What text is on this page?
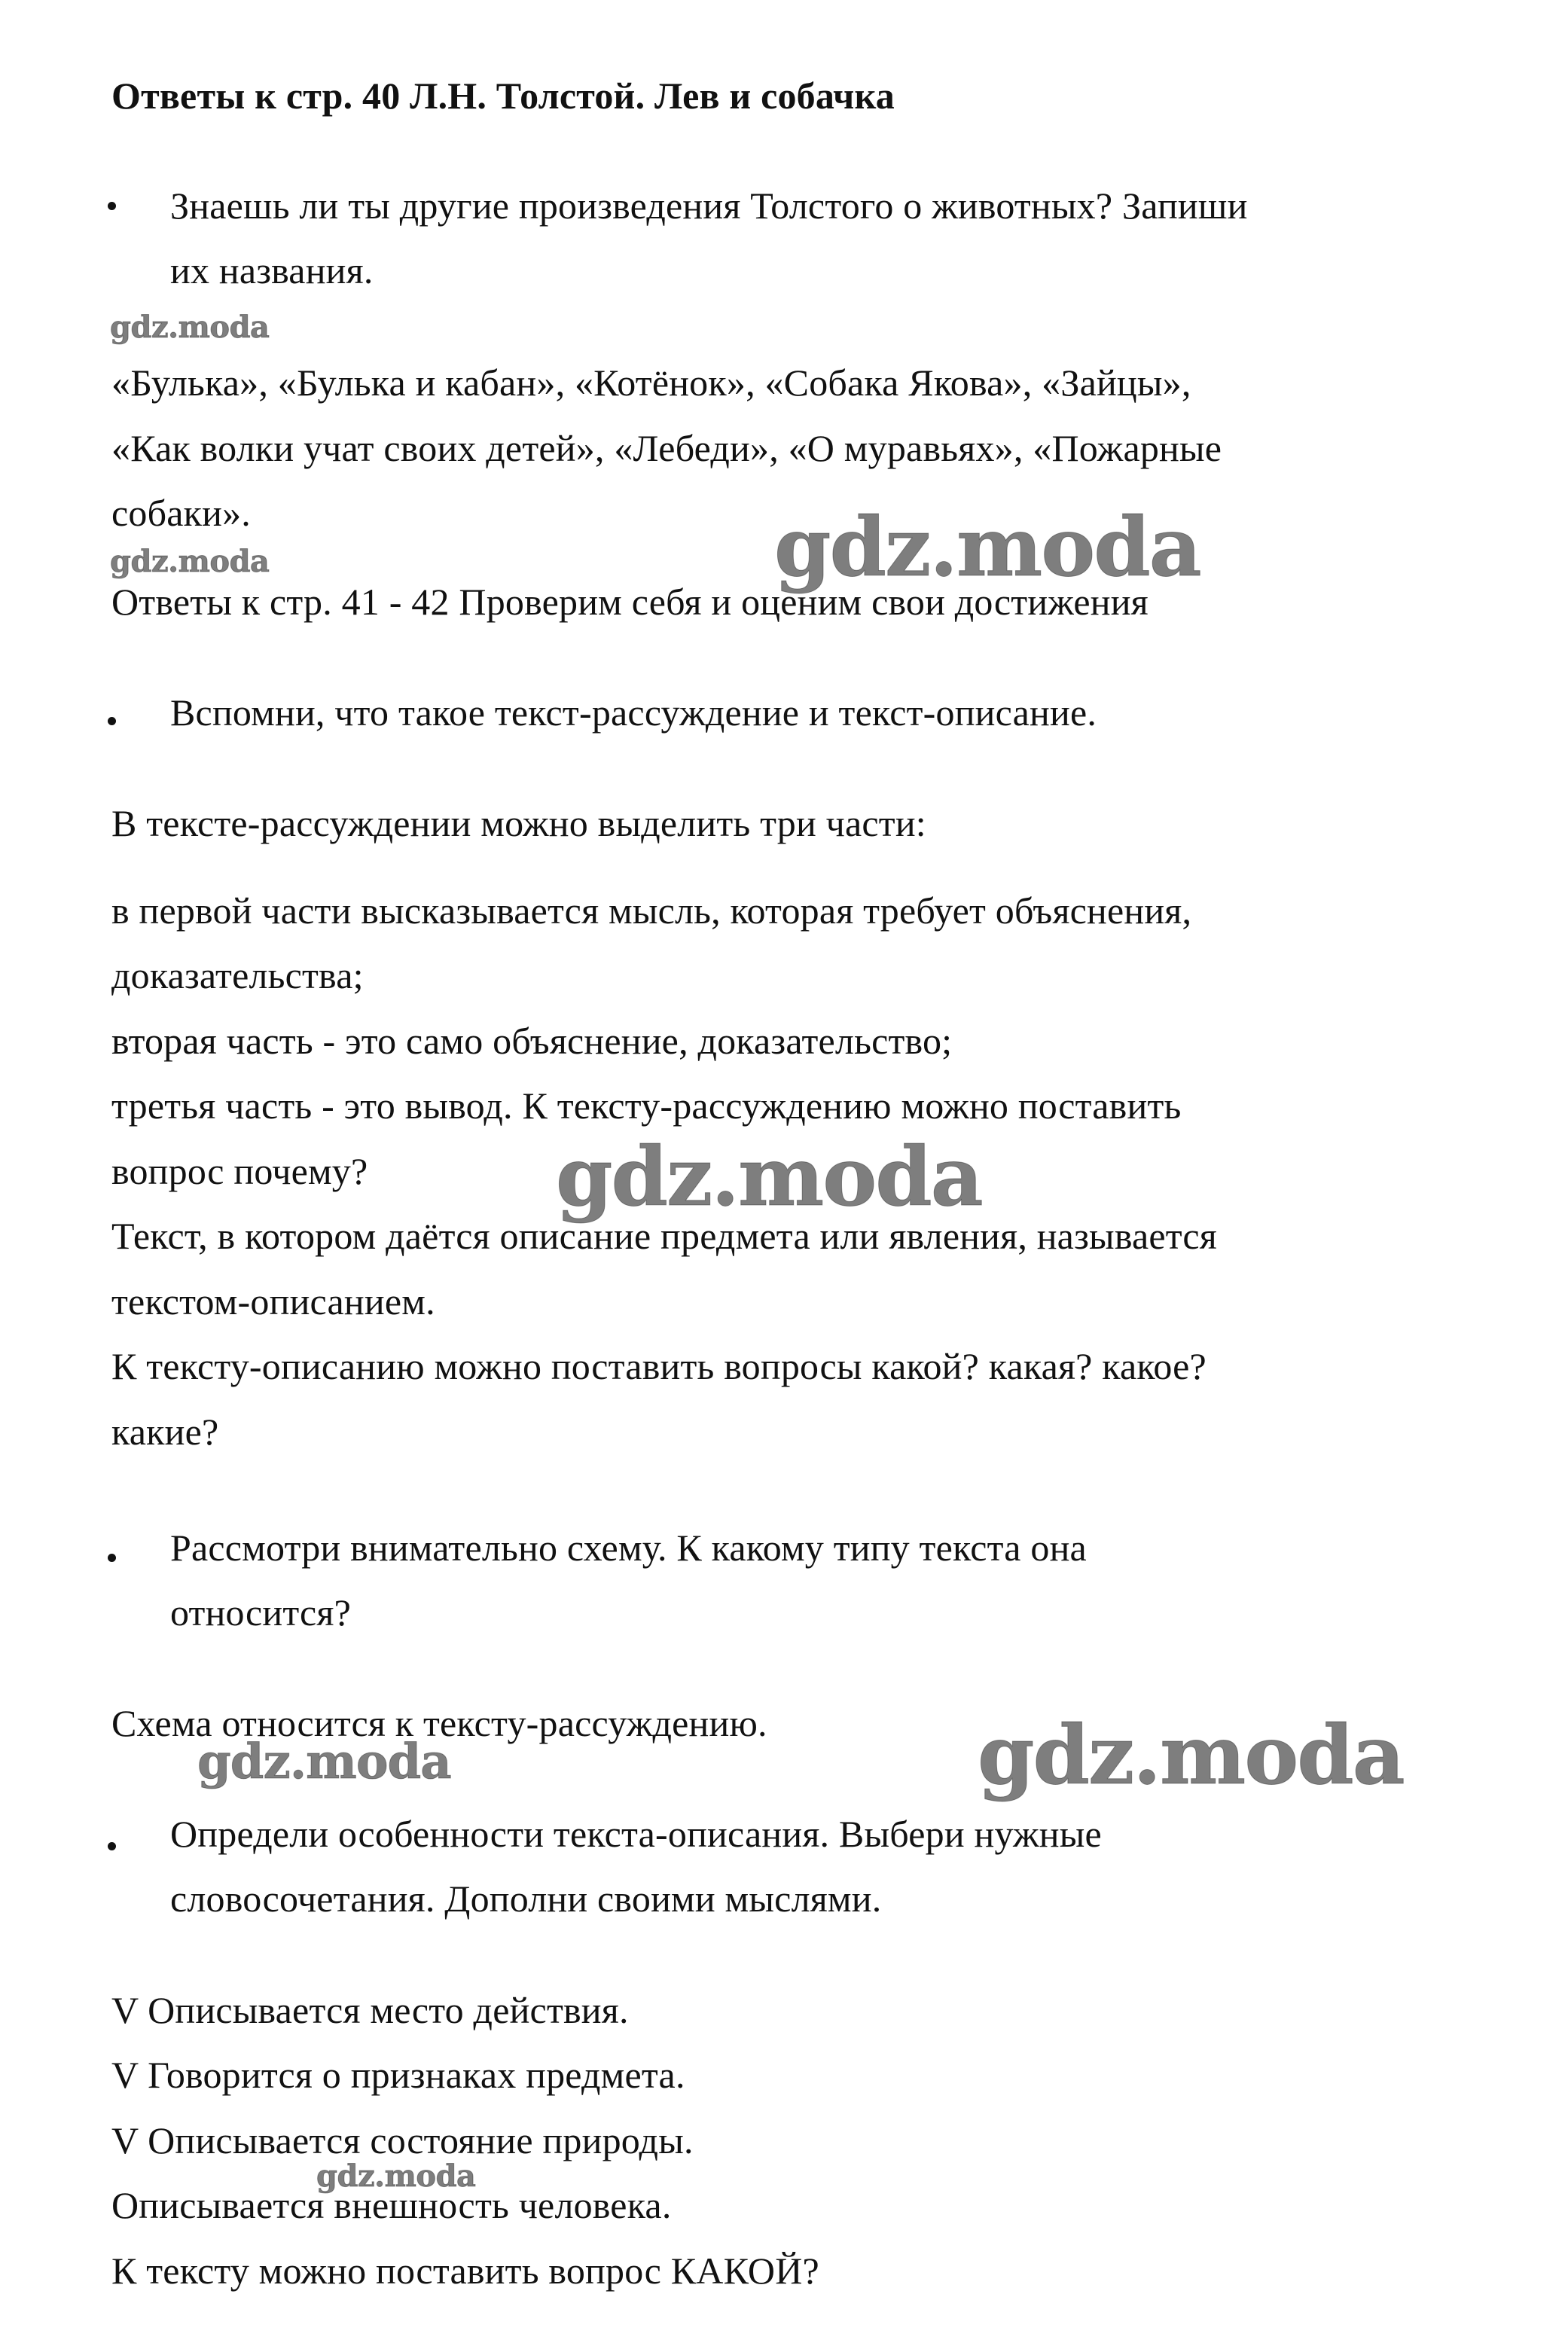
Ответы к стр. 40 Л.Н. Толстой. Лев и собачка
Знаешь ли ты другие произведения Толстого о животных? Запиши
их названия.
gdz.moda
«Булька», «Булька и кабан», «Котёнок», «Собака Якова», «Зайцы»,
«Как волки учат своих детей», «Лебеди», «О муравьях», «Пожарные
собаки».	gdz.moda
gdz.moda
Ответы к стр. 41 - 42 Проверим себя и оценим свои достижения
Вспомни, что такое текст-рассуждение и текст-описание.
В тексте-рассуждении можно выделить три части:
в первой части высказывается мысль, которая требует объяснения,
доказательства;
вторая часть - это само объяснение, доказательство;
третья часть - это вывод. К тексту-рассуждению можно поставить
вопрос почему? gdz.moda
Текст, в котором даётся описание предмета или явления, называется
текстом-описанием.
К тексту-описанию можно поставить вопросы какой? какая? какое?
какие?
Рассмотри внимательно схему. К какому типу текста она
относится?
Схема относится к тексту-рассуждению.	gdz.moda
gdz.moda
Определи особенности текста-описания. Выбери нужные
словосочетания. Дополни своими мыслями.
V Описывается место действия.
V Говорится о признаках предмета.
V Описывается состояние природы.
gdz.moda
Описывается внешность человека.
К тексту можно поставить вопрос КАКОЙ?
